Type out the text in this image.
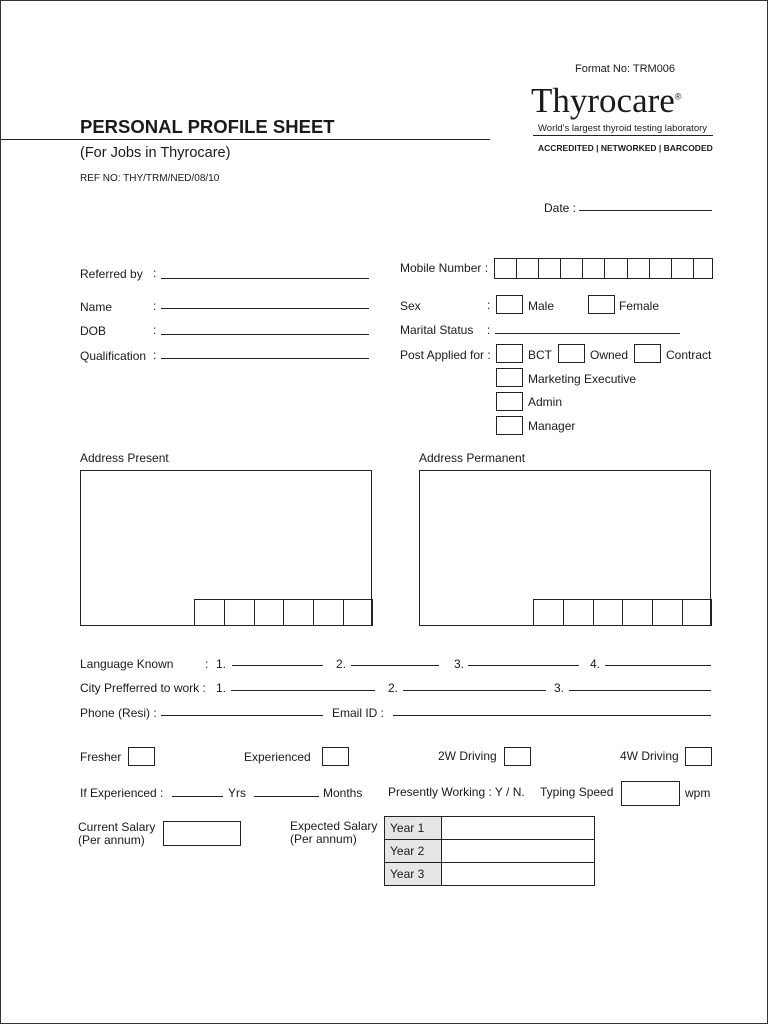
Format No: TRM006
Thyrocare®
World's largest thyroid testing laboratory
ACCREDITED | NETWORKED | BARCODED
PERSONAL PROFILE SHEET
(For Jobs in Thyrocare)
REF NO: THY/TRM/NED/08/10
Date :
Referred by :
Name	:
DOB	:
Qualification :
Mobile Number :
Sex	:	Male	Female
Marital Status :
Post Applied for :	BCT	Owned	Contract
Marketing Executive
Admin
Manager
Address Present	Address Permanent
Language Known	: 1.	2.	3.	4.
City Prefferred to work : 1.	2.	3.
Phone (Resi) :	Email ID :
Fresher	Experienced	2W Driving	4W Driving
If Experienced :	Yrs	Months Presently Working : Y / N. Typing Speed	wpm
Current Salary
(Per annum)
Expected Salary
(Per annum)
Year 1	
Year 2	
Year 3	
